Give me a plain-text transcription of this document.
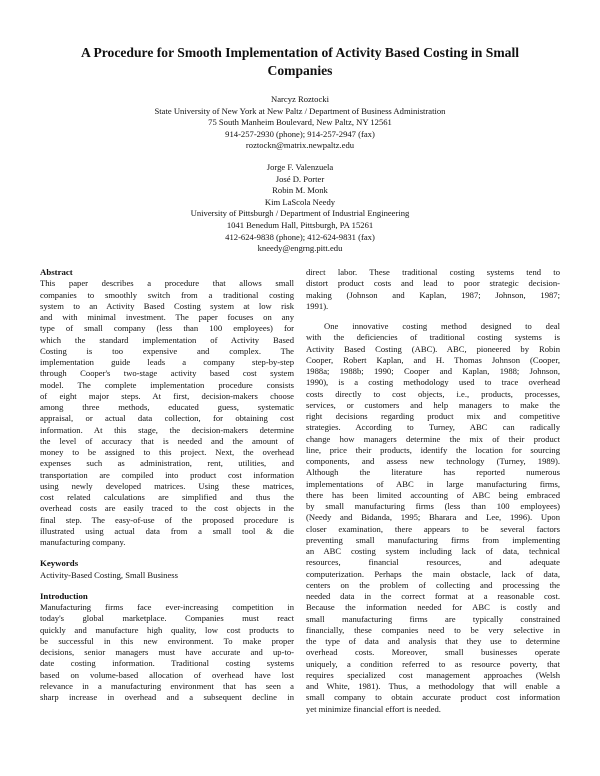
A Procedure for Smooth Implementation of Activity Based Costing in Small
Companies
Narcyz Roztocki
State University of New York at New Paltz / Department of Business Administration
75 South Manheim Boulevard, New Paltz, NY 12561
914-257-2930 (phone); 914-257-2947 (fax)
roztockn@matrix.newpaltz.edu
Jorge F. Valenzuela
José D. Porter
Robin M. Monk
Kim LaScola Needy
University of Pittsburgh / Department of Industrial Engineering
1041 Benedum Hall, Pittsburgh, PA 15261
412-624-9838 (phone); 412-624-9831 (fax)
kneedy@engrng.pitt.edu
Abstract
This paper describes a procedure that allows small
companies to smoothly switch from a traditional costing
system to an Activity Based Costing system at low risk
and with minimal investment. The paper focuses on any
type of small company (less than 100 employees) for
which the standard implementation of Activity Based
Costing is too expensive and complex. The
implementation guide leads a company step-by-step
through Cooper's two-stage activity based cost system
model. The complete implementation procedure consists
of eight major steps. At first, decision-makers choose
among three methods, educated guess, systematic
appraisal, or actual data collection, for obtaining cost
information. At this stage, the decision-makers determine
the level of accuracy that is needed and the amount of
money to be assigned to this project. Next, the overhead
expenses such as administration, rent, utilities, and
transportation are compiled into product cost information
using newly developed matrices. Using these matrices,
cost related calculations are simplified and thus the
overhead costs are easily traced to the cost objects in the
final step. The easy-of-use of the proposed procedure is
illustrated using actual data from a small tool & die
manufacturing company.
Keywords
Activity-Based Costing, Small Business
Introduction
Manufacturing firms face ever-increasing competition in
today's global marketplace. Companies must react
quickly and manufacture high quality, low cost products to
be successful in this new environment. To make proper
decisions, senior managers must have accurate and up-to-
date costing information. Traditional costing systems
based on volume-based allocation of overhead have lost
relevance in a manufacturing environment that has seen a
sharp increase in overhead and a subsequent decline in
direct labor. These traditional costing systems tend to
distort product costs and lead to poor strategic decision-
making (Johnson and Kaplan, 1987; Johnson, 1987;
1991).
One innovative costing method designed to deal
with the deficiencies of traditional costing systems is
Activity Based Costing (ABC). ABC, pioneered by Robin
Cooper, Robert Kaplan, and H. Thomas Johnson (Cooper,
1988a; 1988b; 1990; Cooper and Kaplan, 1988; Johnson,
1990), is a costing methodology used to trace overhead
costs directly to cost objects, i.e., products, processes,
services, or customers and help managers to make the
right decisions regarding product mix and competitive
strategies. According to Turney, ABC can radically
change how managers determine the mix of their product
line, price their products, identify the location for sourcing
components, and assess new technology (Turney, 1989).
Although the literature has reported numerous
implementations of ABC in large manufacturing firms,
there has been limited accounting of ABC being embraced
by small manufacturing firms (less than 100 employees)
(Needy and Bidanda, 1995; Bharara and Lee, 1996). Upon
closer examination, there appears to be several factors
preventing small manufacturing firms from implementing
an ABC costing system including lack of data, technical
resources, financial resources, and adequate
computerization. Perhaps the main obstacle, lack of data,
centers on the problem of collecting and processing the
needed data in the correct format at a reasonable cost.
Because the information needed for ABC is costly and
small manufacturing firms are typically constrained
financially, these companies need to be very selective in
the type of data and analysis that they use to determine
overhead costs. Moreover, small businesses operate
uniquely, a condition referred to as resource poverty, that
requires specialized cost management approaches (Welsh
and White, 1981). Thus, a methodology that will enable a
small company to obtain accurate product cost information
yet minimize financial effort is needed.
